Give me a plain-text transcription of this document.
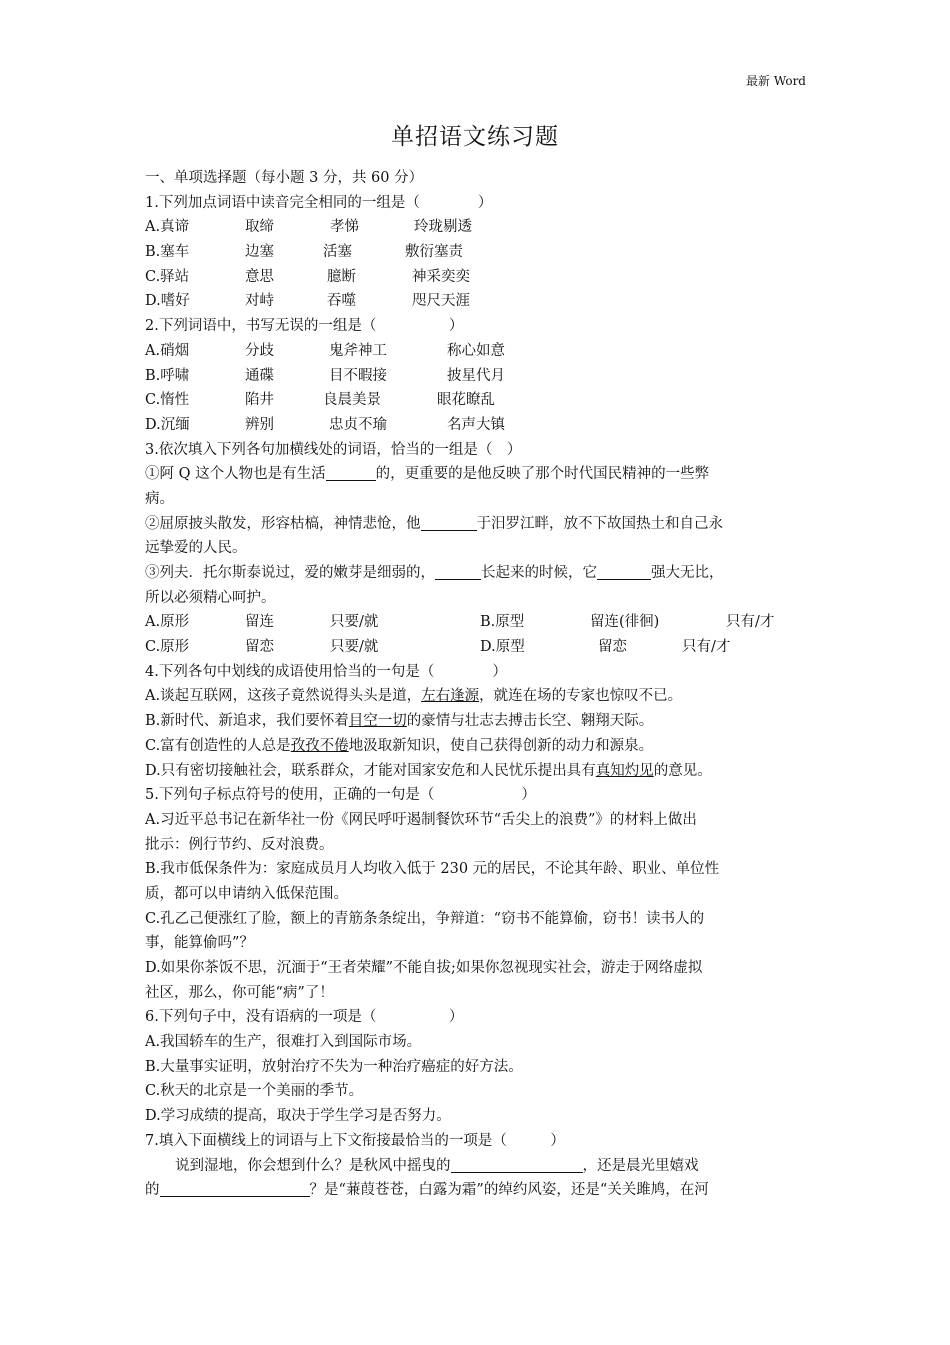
最新 Word
单招语文练习题
一、单项选择题（每小题 3 分，共 60 分）
1.下列加点词语中读音完全相同的一组是（　　　　）
A.真谛	取缔	孝悌	玲珑剔透
B.塞车	边塞	活塞	敷衍塞责
C.驿站	意思	臆断	神采奕奕
D.嗜好	对峙	吞噬	咫尺天涯
2.下列词语中，书写无误的一组是（　　　　　）
A.硝烟	分歧	鬼斧神工	称心如意
B.呼啸	通碟	目不暇接	披星代月
C.惰性	陷井	良晨美景	眼花瞭乱
D.沉缅	辨别	忠贞不瑜	名声大镇
3.依次填入下列各句加横线处的词语，恰当的一组是（　）
①阿 Q 这个人物也是有生活	的，更重要的是他反映了那个时代国民精神的一些弊
病。
②屈原披头散发，形容枯槁，神情悲怆，他	于汨罗江畔，放不下故国热土和自己永
远挚爱的人民。
③列夫．托尔斯泰说过，爱的嫩芽是细弱的，	长起来的时候，它	强大无比，
所以必须精心呵护。
A.原形	留连	只要/就	B.原型	留连(徘徊)	只有/才
C.原形	留恋	只要/就	D.原型	留恋	只有/才
4.下列各句中划线的成语使用恰当的一句是（　　　　）
A.谈起互联网，这孩子竟然说得头头是道，左右逢源，就连在场的专家也惊叹不已。
B.新时代、新追求，我们要怀着目空一切的豪情与壮志去搏击长空、翱翔天际。
C.富有创造性的人总是孜孜不倦地汲取新知识，使自己获得创新的动力和源泉。
D.只有密切接触社会，联系群众，才能对国家安危和人民忧乐提出具有真知灼见的意见。
5.下列句子标点符号的使用，正确的一句是（　　　　　　）
A.习近平总书记在新华社一份《网民呼吁遏制餐饮环节“舌尖上的浪费”》的材料上做出
批示：例行节约、反对浪费。
B.我市低保条件为：家庭成员月人均收入低于 230 元的居民，不论其年龄、职业、单位性
质，都可以申请纳入低保范围。
C.孔乙己便涨红了脸，额上的青筋条条绽出，争辩道：“窃书不能算偷，窃书！读书人的
事，能算偷吗”？
D.如果你茶饭不思，沉湎于“王者荣耀”不能自拔;如果你忽视现实社会，游走于网络虚拟
社区，那么，你可能“病”了！
6.下列句子中，没有语病的一项是（　　　　　）
A.我国轿车的生产，很难打入到国际市场。
B.大量事实证明，放射治疗不失为一种治疗癌症的好方法。
C.秋天的北京是一个美丽的季节。
D.学习成绩的提高，取决于学生学习是否努力。
7.填入下面横线上的词语与上下文衔接最恰当的一项是（　　　）
说到湿地，你会想到什么？是秋风中摇曳的	，还是晨光里嬉戏
的	？是“蒹葭苍苍，白露为霜”的绰约风姿，还是“关关雎鸠，在河
